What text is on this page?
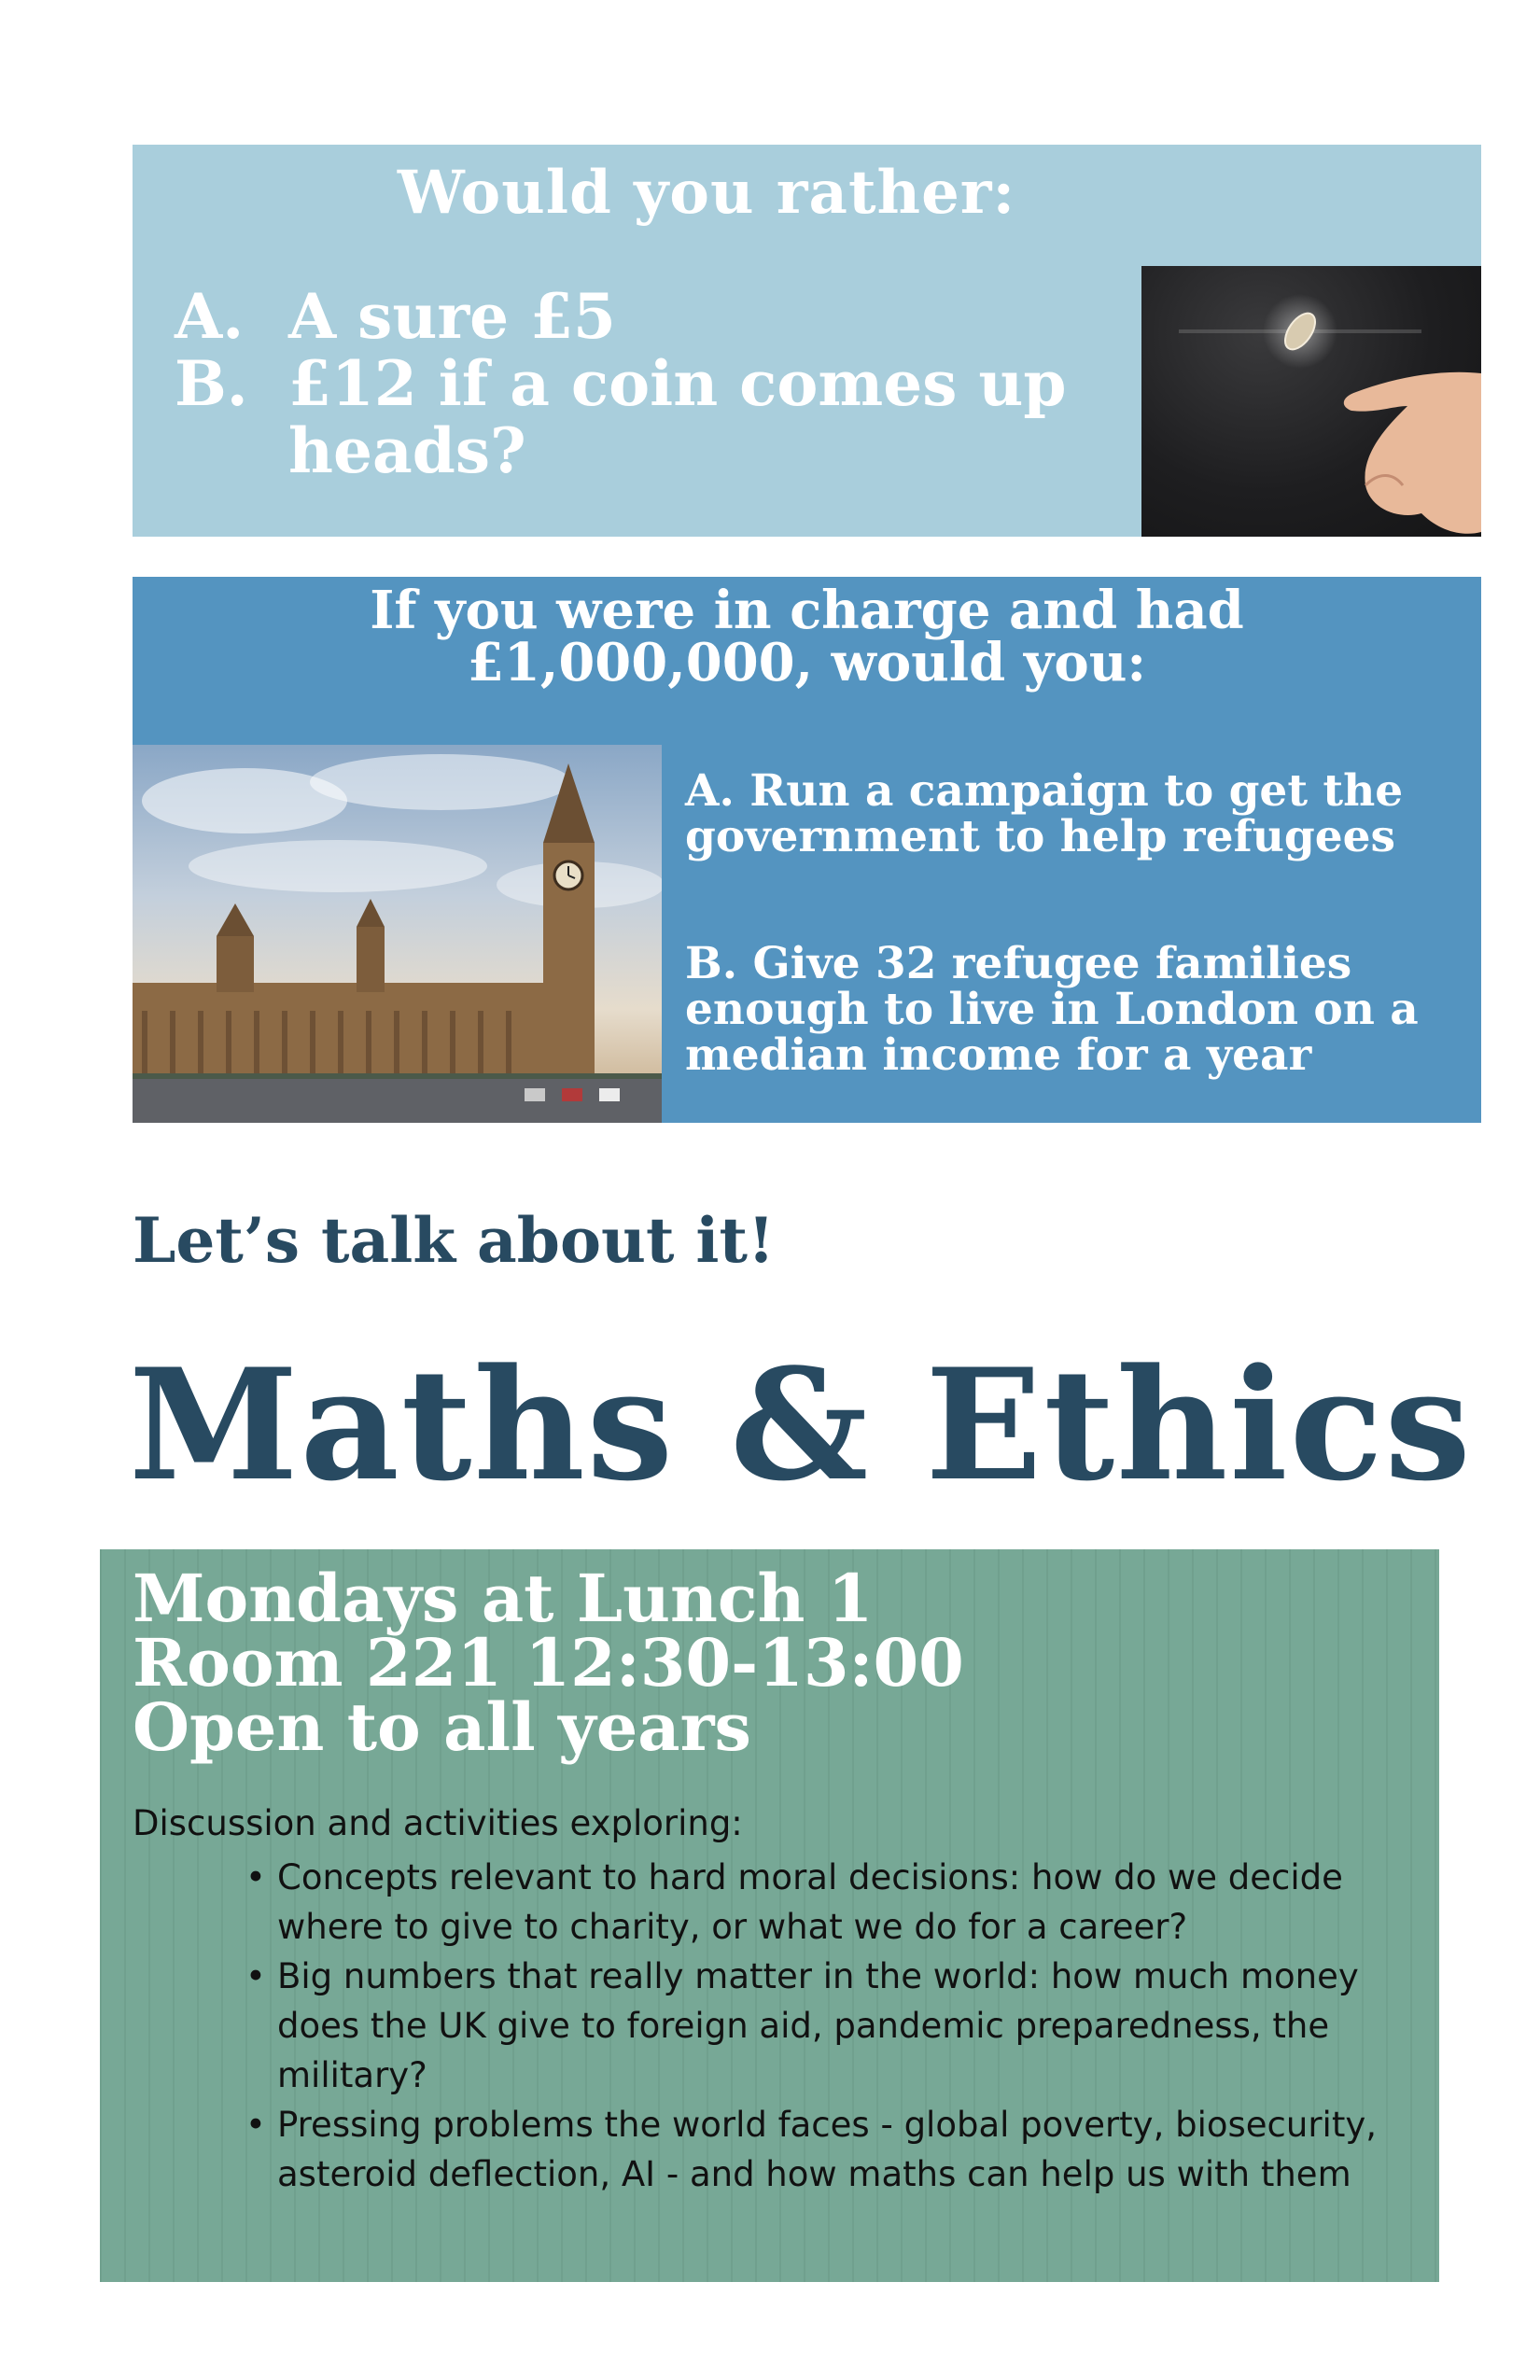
Would you rather:
A. A sure £5
B. £12 if a coin comes up heads?
If you were in charge and had
£1,000,000, would you:
A. Run a campaign to get the government to help refugees
B. Give 32 refugee families enough to live in London on a median income for a year
Let’s talk about it!
Maths & Ethics
Mondays at Lunch 1
Room 221 12:30-13:00
Open to all years
Discussion and activities exploring:
• Concepts relevant to hard moral decisions: how do we decide where to give to charity, or what we do for a career?
• Big numbers that really matter in the world: how much money does the UK give to foreign aid, pandemic preparedness, the military?
• Pressing problems the world faces - global poverty, biosecurity, asteroid deflection, AI - and how maths can help us with them
